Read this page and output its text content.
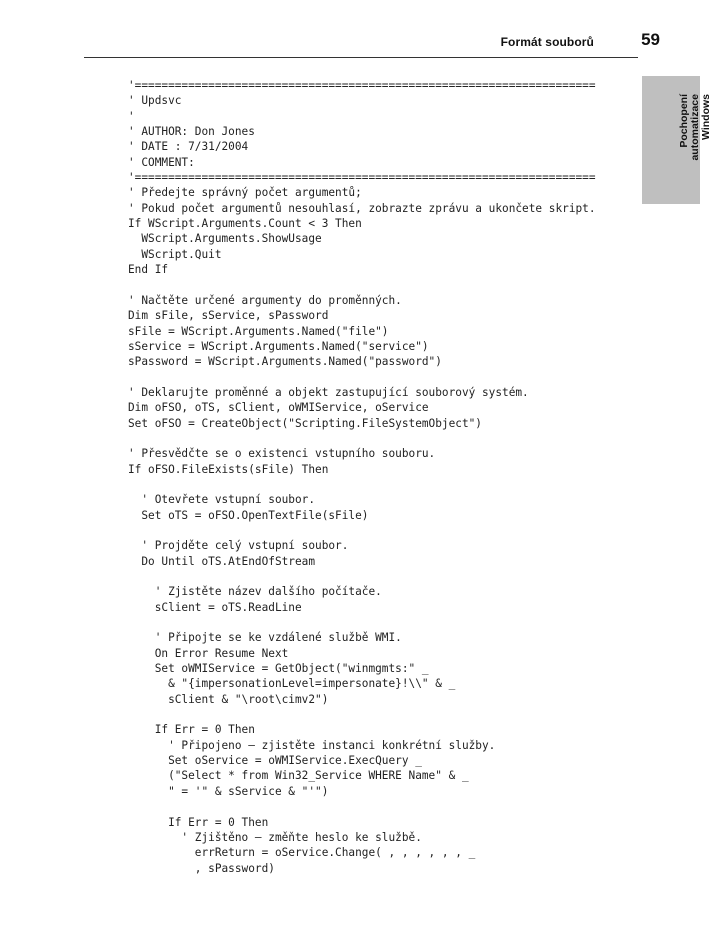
Formát souborů	59
Pochopení automatizace Windows
'=====================================================================
' Updsvc
'
' AUTHOR: Don Jones
' DATE : 7/31/2004
' COMMENT:
'=====================================================================
' Předejte správný počet argumentů;
' Pokud počet argumentů nesouhlasí, zobrazte zprávu a ukončete skript.
If WScript.Arguments.Count < 3 Then
WScript.Arguments.ShowUsage
WScript.Quit
End If
' Načtěte určené argumenty do proměnných.
Dim sFile, sService, sPassword
sFile = WScript.Arguments.Named("file")
sService = WScript.Arguments.Named("service")
sPassword = WScript.Arguments.Named("password")
' Deklarujte proměnné a objekt zastupující souborový systém.
Dim oFSO, oTS, sClient, oWMIService, oService
Set oFSO = CreateObject("Scripting.FileSystemObject")
' Přesvědčte se o existenci vstupního souboru.
If oFSO.FileExists(sFile) Then
' Otevřete vstupní soubor.
Set oTS = oFSO.OpenTextFile(sFile)
' Projděte celý vstupní soubor.
Do Until oTS.AtEndOfStream
' Zjistěte název dalšího počítače.
sClient = oTS.ReadLine
' Připojte se ke vzdálené službě WMI.
On Error Resume Next
Set oWMIService = GetObject("winmgmts:" _
& "{impersonationLevel=impersonate}!\\" & _
sClient & "\root\cimv2")
If Err = 0 Then
' Připojeno – zjistěte instanci konkrétní služby.
Set oService = oWMIService.ExecQuery _
("Select * from Win32_Service WHERE Name" & _
" = '" & sService & "'")
If Err = 0 Then
' Zjištěno – změňte heslo ke službě.
errReturn = oService.Change( , , , , , , _
, sPassword)
